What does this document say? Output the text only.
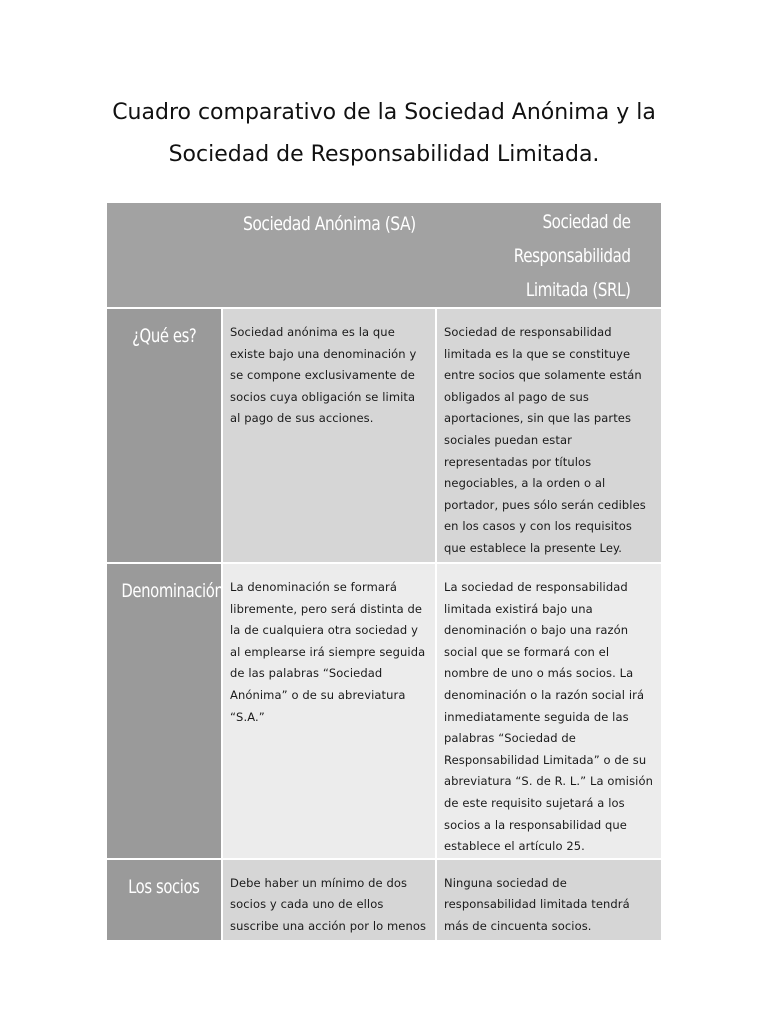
Cuadro comparativo de la Sociedad Anónima y la Sociedad de Responsabilidad Limitada.
	Sociedad Anónima (SA)	Sociedad de Responsabilidad Limitada (SRL)

¿Qué es?	Sociedad anónima es la que existe bajo una denominación y se compone exclusivamente de socios cuya obligación se limita al pago de sus acciones.	Sociedad de responsabilidad limitada es la que se constituye entre socios que solamente están obligados al pago de sus aportaciones, sin que las partes sociales puedan estar representadas por títulos negociables, a la orden o al portador, pues sólo serán cedibles en los casos y con los requisitos que establece la presente Ley.
Denominación	La denominación se formará libremente, pero será distinta de la de cualquiera otra sociedad y al emplearse irá siempre seguida de las palabras “Sociedad Anónima” o de su abreviatura “S.A.”	La sociedad de responsabilidad limitada existirá bajo una denominación o bajo una razón social que se formará con el nombre de uno o más socios. La denominación o la razón social irá inmediatamente seguida de las palabras “Sociedad de Responsabilidad Limitada” o de su abreviatura “S. de R. L.” La omisión de este requisito sujetará a los socios a la responsabilidad que establece el artículo 25.
Los socios	Debe haber un mínimo de dos socios y cada uno de ellos suscribe una acción por lo menos	Ninguna sociedad de responsabilidad limitada tendrá más de cincuenta socios.
